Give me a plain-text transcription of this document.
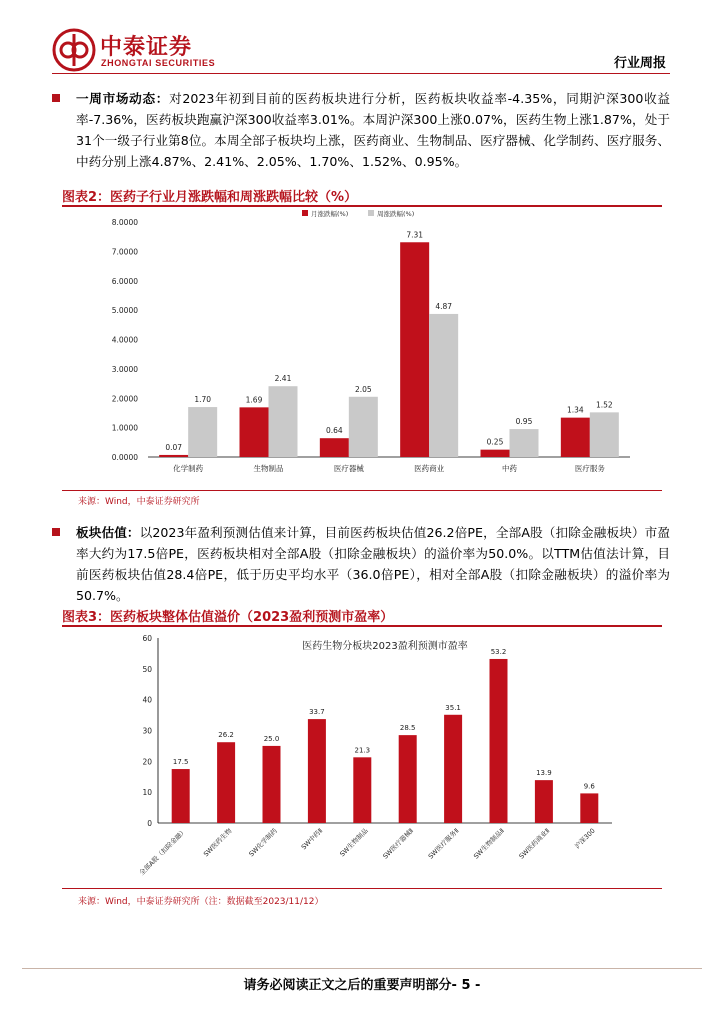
中泰证券
ZHONGTAI SECURITIES	行业周报
一周市场动态：对2023年初到目前的医药板块进行分析，医药板块收益率-4.35%，同期沪深300收益率-7.36%，医药板块跑赢沪深300收益率3.01%。本周沪深300上涨0.07%，医药生物上涨1.87%，处于31个一级子行业第8位。本周全部子板块均上涨，医药商业、生物制品、医疗器械、化学制药、医疗服务、中药分别上涨4.87%、2.41%、2.05%、1.70%、1.52%、0.95%。
图表2：医药子行业月涨跌幅和周涨跌幅比较（%）
0.0000
1.0000
2.0000
3.0000
4.0000
5.0000
6.0000
7.0000
8.0000
0.07
1.70	1.69
2.41
0.64
2.05
7.31
4.87
0.25
0.95
1.34
1.52
化学制药	生物制品	医疗器械	医药商业	中药	医疗服务
月涨跌幅(%)	周涨跌幅(%)
来源：Wind，中泰证券研究所
板块估值：以2023年盈利预测估值来计算，目前医药板块估值26.2倍PE，全部A股（扣除金融板块）市盈率大约为17.5倍PE，医药板块相对全部A股（扣除金融板块）的溢价率为50.0%。以TTM估值法计算，目前医药板块估值28.4倍PE，低于历史平均水平（36.0倍PE），相对全部A股（扣除金融板块）的溢价率为50.7%。
图表3：医药板块整体估值溢价（2023盈利预测市盈率）
医药生物分板块2023盈利预测市盈率
0
10
20
30
40
50
60
17.5
26.2	25.0
33.7
21.3
28.5
35.1
53.2
13.9
9.6
全部A股（扣除金融） SW医药生物 SW化学制药	SW中药Ⅱ SW生物制品 SW医疗器械Ⅱ SW医疗服务Ⅱ SW生物制品Ⅱ SW医药商业Ⅱ	沪深300
来源：Wind，中泰证券研究所（注：数据截至2023/11/12）
请务必阅读正文之后的重要声明部分- 5 -
